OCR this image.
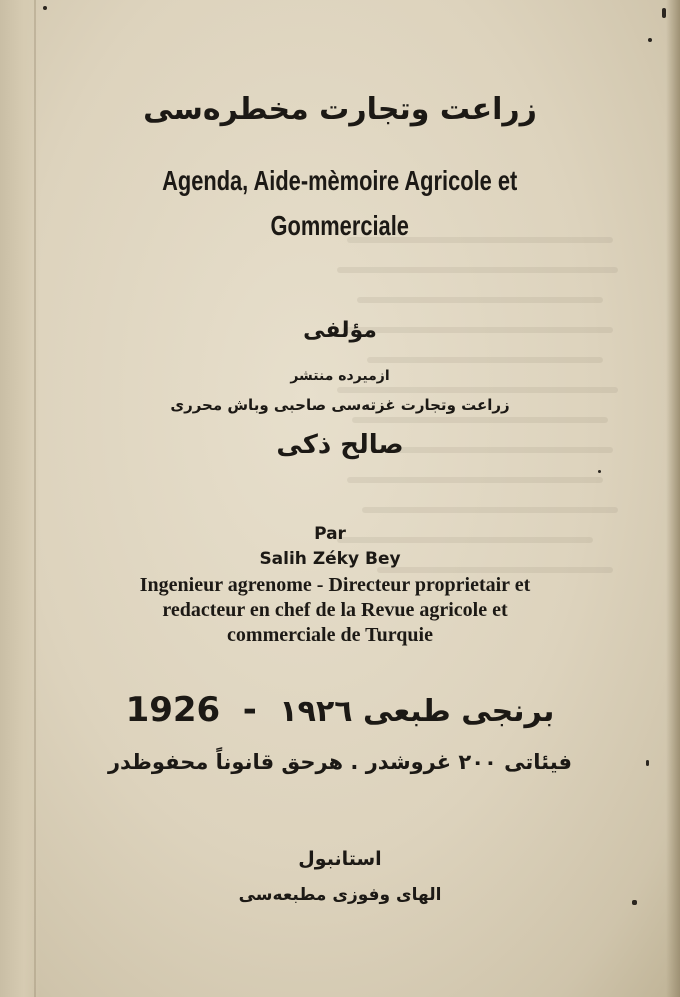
زراعت وتجارت مخطره‌سی
Agenda, Aide-mèmoire Agricole et
Gommerciale
مؤلفی
ازمیرده منتشر
زراعت وتجارت غزته‌سی صاحبی وباش محرری
صالح ذکی
Par
Salih Zéky Bey
Ingenieur agrenome - Directeur proprietair et
redacteur en chef de la Revue agricole et
commerciale de Turquie
1926 - برنجی طبعی ۱۹۲٦
فیئاتی ۲۰۰ غروشدر . هرحق قانوناً محفوظدر
استانبول
الهای وفوزی مطبعه‌سی
